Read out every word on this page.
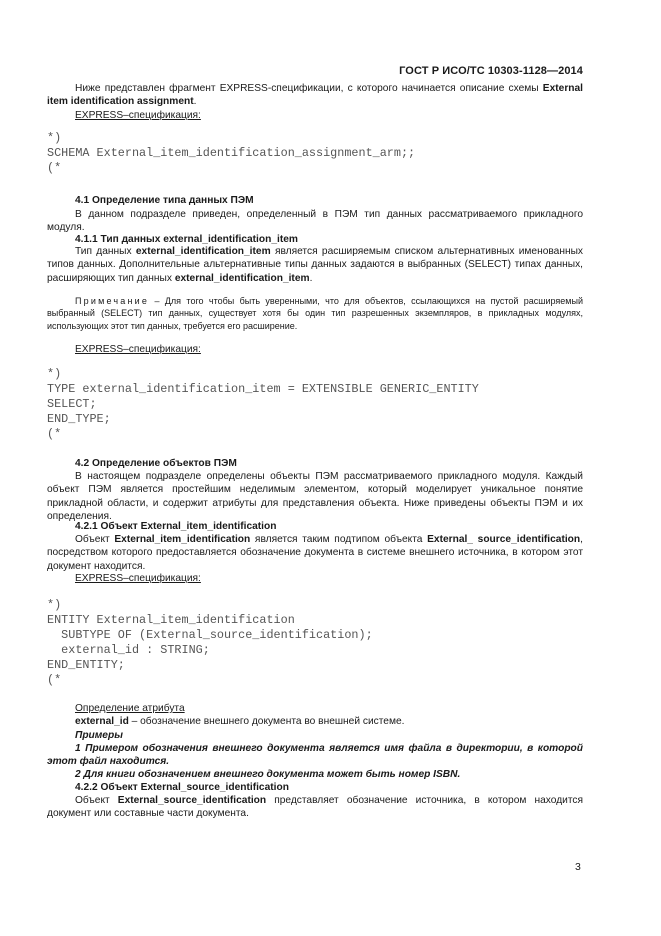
ГОСТ Р ИСО/ТС 10303-1128—2014
Ниже представлен фрагмент EXPRESS-спецификации, с которого начинается описание схемы External item identification assignment.
EXPRESS–спецификация:
*)
SCHEMA External_item_identification_assignment_arm;;
(*
4.1 Определение типа данных ПЭМ
В данном подразделе приведен, определенный в ПЭМ тип данных рассматриваемого прикладного модуля.
4.1.1 Тип данных external_identification_item
Тип данных external_identification_item является расширяемым списком альтернативных именованных типов данных. Дополнительные альтернативные типы данных задаются в выбранных (SELECT) типах данных, расширяющих тип данных external_identification_item.
Примечание – Для того чтобы быть уверенными, что для объектов, ссылающихся на пустой расширяемый выбранный (SELECT) тип данных, существует хотя бы один тип разрешенных экземпляров, в прикладных модулях, использующих этот тип данных, требуется его расширение.
EXPRESS–спецификация:
*)
TYPE external_identification_item = EXTENSIBLE GENERIC_ENTITY
SELECT;
END_TYPE;
(*
4.2 Определение объектов ПЭМ
В настоящем подразделе определены объекты ПЭМ рассматриваемого прикладного модуля. Каждый объект ПЭМ является простейшим неделимым элементом, который моделирует уникальное понятие прикладной области, и содержит атрибуты для представления объекта. Ниже приведены объекты ПЭМ и их определения.
4.2.1 Объект External_item_identification
Объект External_item_identification является таким подтипом объекта External_ source_identification, посредством которого предоставляется обозначение документа в системе внешнего источника, в котором этот документ находится.
EXPRESS–спецификация:
*)
ENTITY External_item_identification
SUBTYPE OF (External_source_identification);
external_id : STRING;
END_ENTITY;
(*
Определение атрибута
external_id – обозначение внешнего документа во внешней системе.
Примеры
1 Примером обозначения внешнего документа является имя файла в директории, в которой этот файл находится.
2 Для книги обозначением внешнего документа может быть номер ISBN.
4.2.2 Объект External_source_identification
Объект External_source_identification представляет обозначение источника, в котором находится документ или составные части документа.
3
